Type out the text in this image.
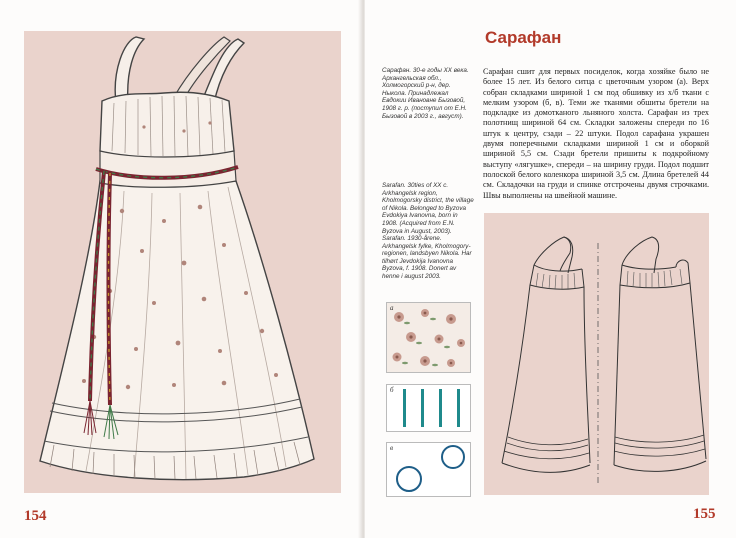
154
Сарафан

Сарафан сшит для первых посиделок, когда хозяйке было не более 15 лет. Из белого ситца с цветочным узором (а). Верх собран складками шириной 1 см под обшивку из х/б ткани с мелким узором (б, в). Теми же тканями обшиты бретели на подкладке из домотканого льняного холста. Сарафан из трех полотнищ шириной 64 см. Складки заложены спереди по 16 штук к центру, сзади – 22 штуки. Подол сарафана украшен двумя поперечными складками шириной 1 см и оборкой шириной 5,5 см. Сзади бретели пришиты к подкройному выступу «лягушке», спереди – на ширину груди. Подол подшит полоской белого коленкора шириной 3,5 см. Длина бретелей 44 см. Складочки на груди и спинке отстрочены двумя строчками. Швы выполнены на швейной машине.

Сарафан. 30-е годы XX века. Архангельская обл., Холмогорский р-н, дер. Ныкола. Принадлежал Евдокии Ивановне Бызовой, 1908 г. р. (поступил от Е.Н. Бызовой в 2003 г., август).

Sarafan. 30ties of XX c. Arkhangelsk region, Kholmogorsky district, the village of Nikola. Belonged to Byzova Evdokiya Ivanovna, born in 1908. (Acquired from E.N. Byzova in August, 2003).

Sarafan. 1930-årene. Arkhangelsk fylke, Kholmogory-regionen, landsbyen Nikola. Har tilhørt Jevdokija Ivanovna Byzova, f. 1908. Donert av henne i august 2003.

а
б
в
155
